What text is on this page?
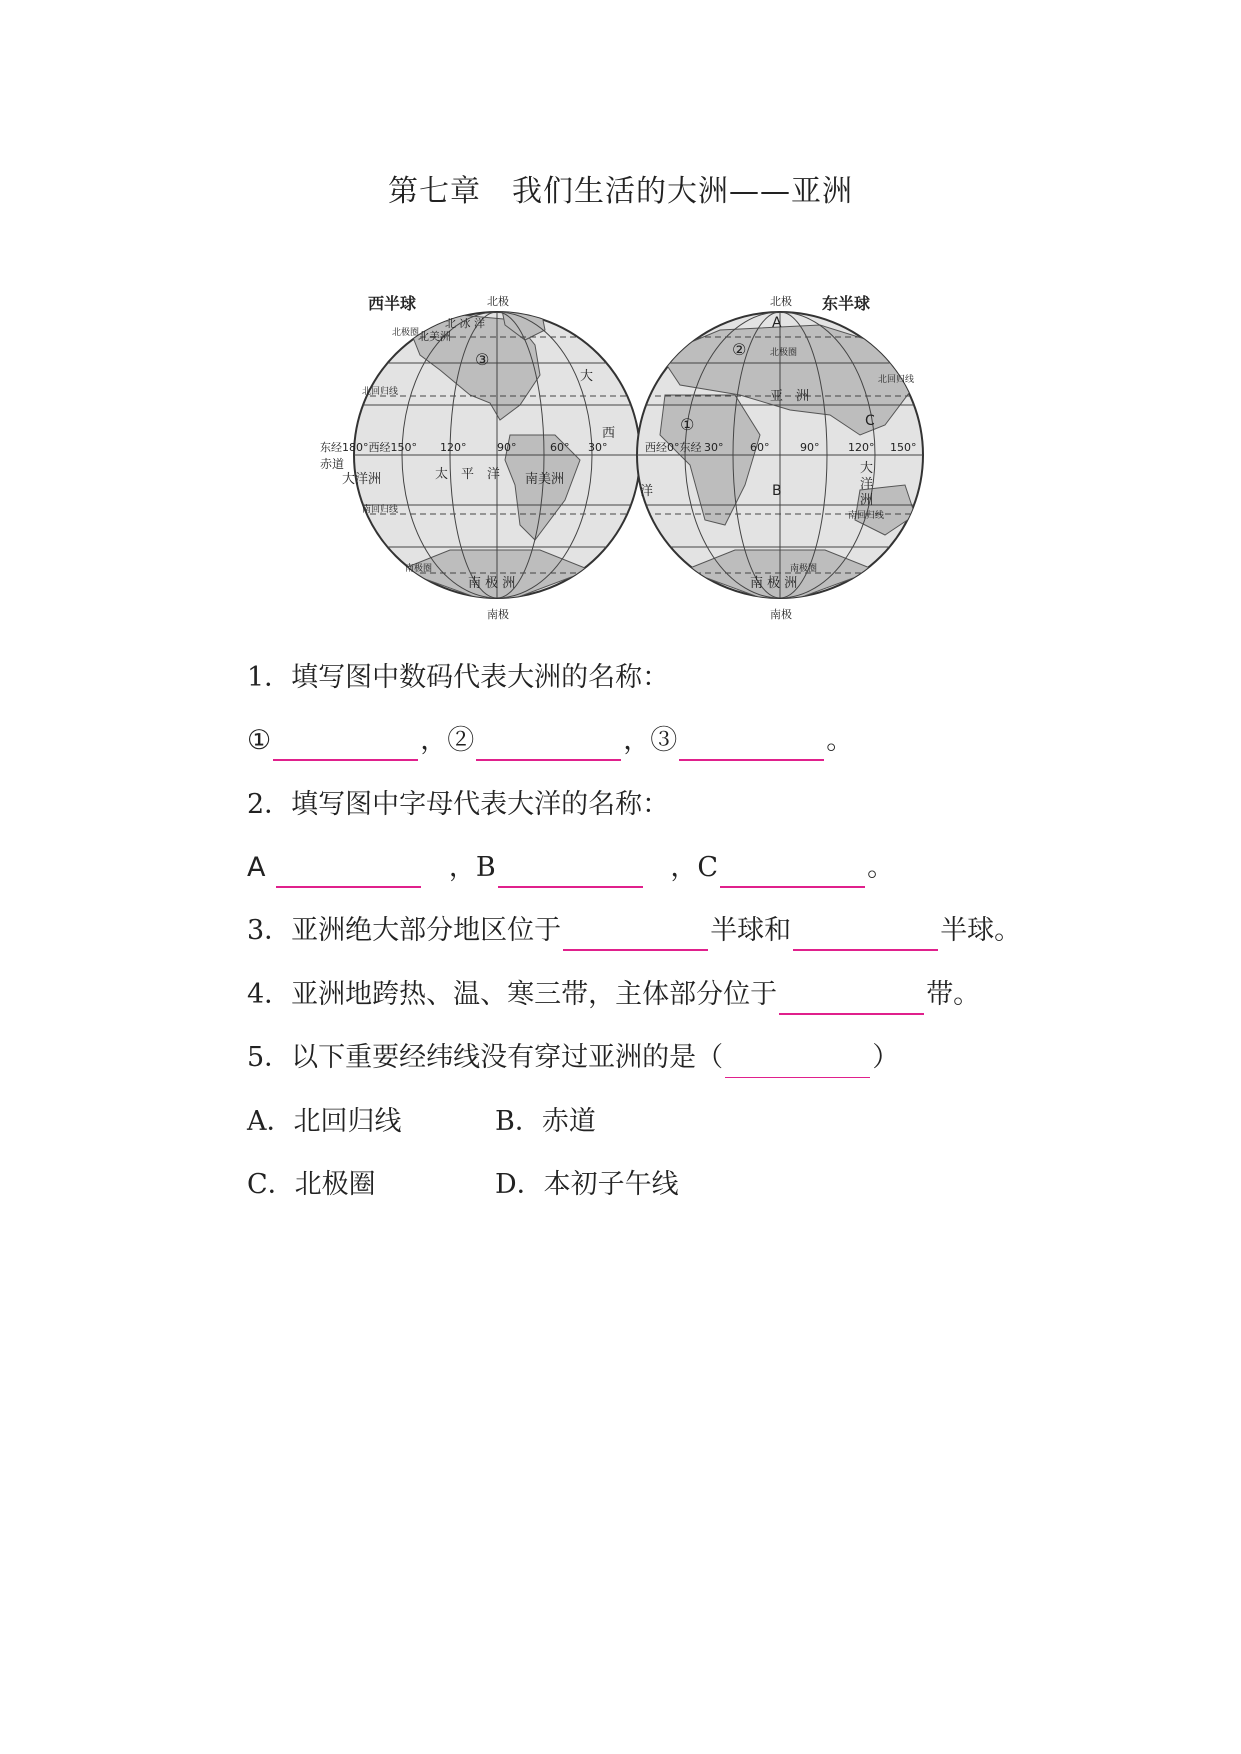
第七章　我们生活的大洲——亚洲
西半球	北极
北美洲
北 冰 洋
③
大
西
北回归线
南回归线
北极圈
南极圈
赤道
东经180°西经150° 120°	90°	60° 30°
太　平　洋
大洋洲	南美洲
南 极 洲
南极
东半球
北极
A
②	北极圈
亚　洲
①	C
北回归线
西经0°东经 30° 60°	90°	120° 150°
B
洋
大
洋
洲
南回归线
南极圈
南 极 洲
南极
1．填写图中数码代表大洲的名称：
①	，②	，③	。
2．填写图中字母代表大洋的名称：
A	，B	，C	。
3．亚洲绝大部分地区位于	半球和	半球。
4．亚洲地跨热、温、寒三带，主体部分位于	带。
5．以下重要经纬线没有穿过亚洲的是（	）
A．北回归线	B．赤道
C．北极圈	D．本初子午线
